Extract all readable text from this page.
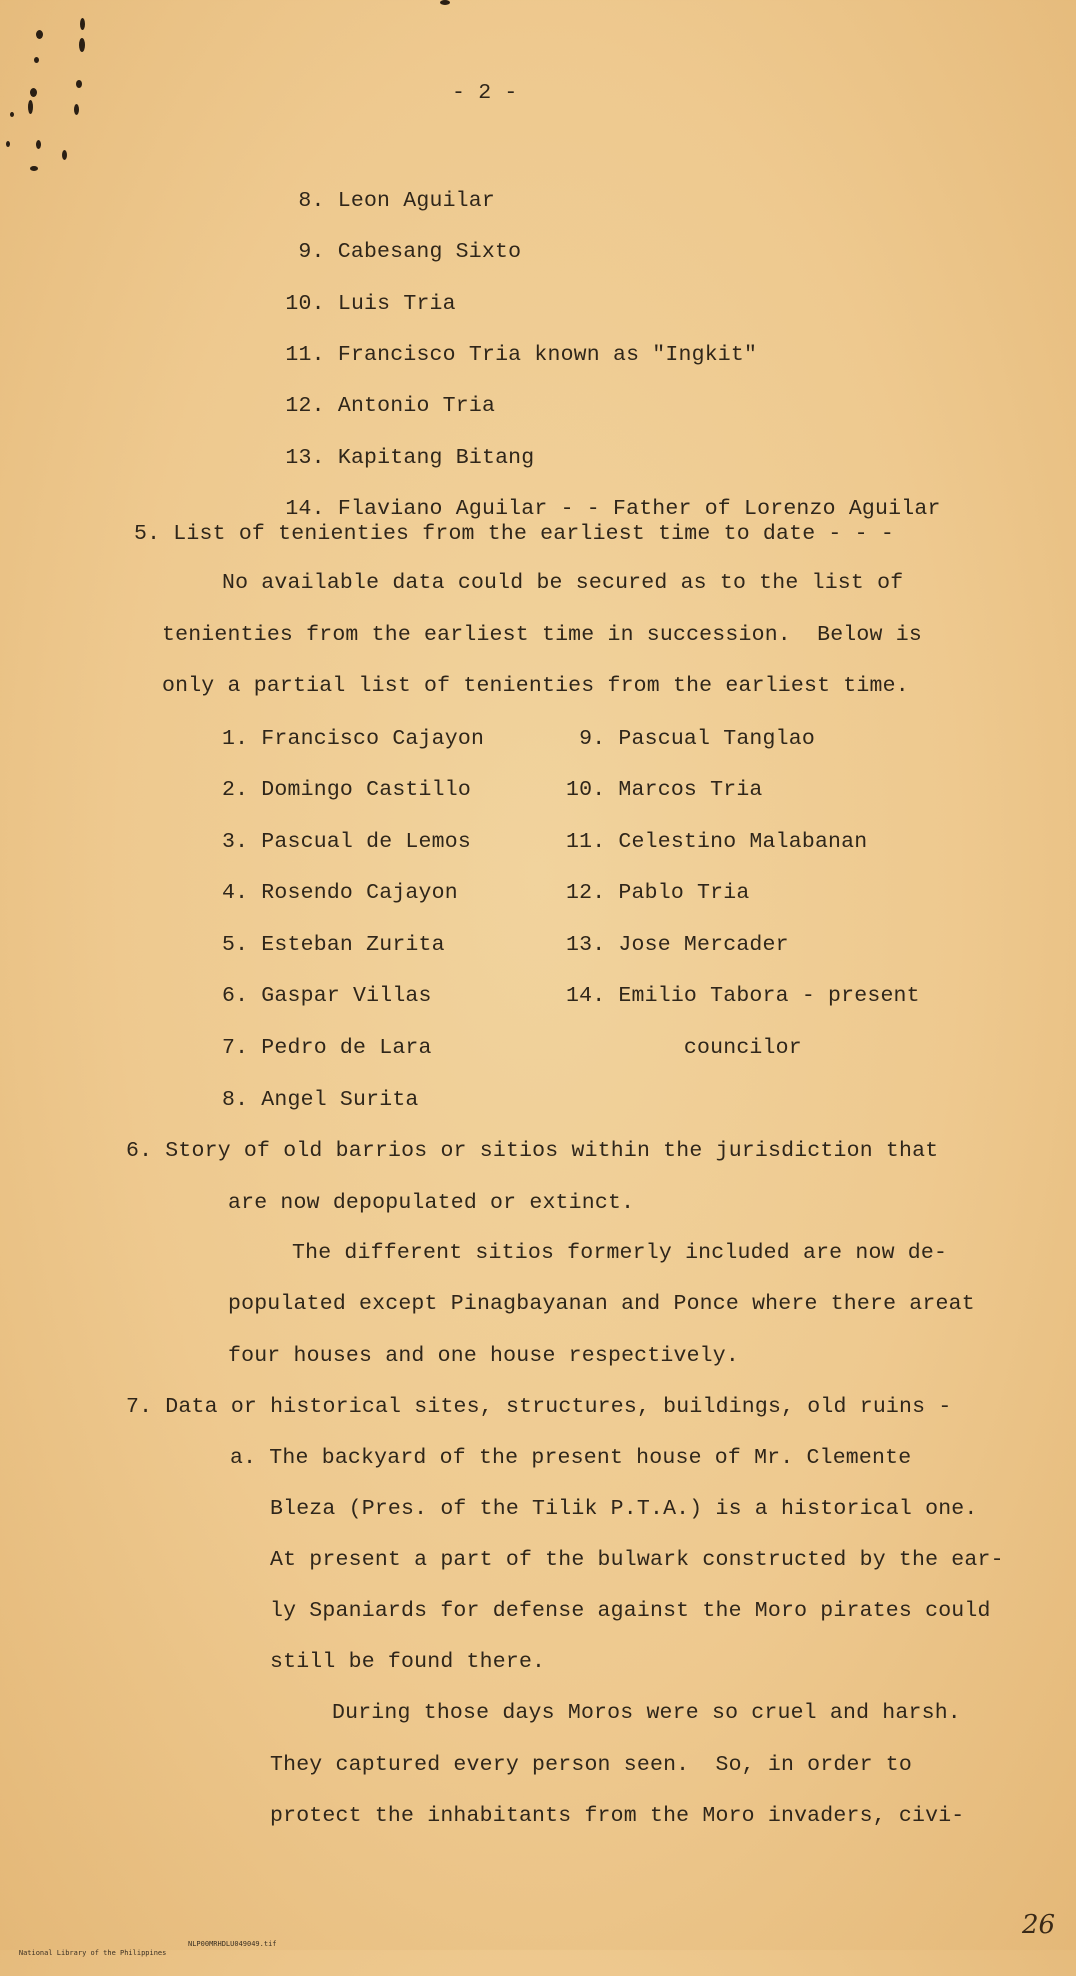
- 2 -

8. Leon Aguilar

9. Cabesang Sixto

10. Luis Tria

11. Francisco Tria known as "Ingkit"

12. Antonio Tria

13. Kapitang Bitang

14. Flaviano Aguilar - - Father of Lorenzo Aguilar

5. List of tenienties from the earliest time to date - - -
No available data could be secured as to the list of
tenienties from the earliest time in succession.  Below is
only a partial list of tenienties from the earliest time.
1. Francisco Cajayon
2. Domingo Castillo
3. Pascual de Lemos
4. Rosendo Cajayon
5. Esteban Zurita
6. Gaspar Villas
7. Pedro de Lara
8. Angel Surita
9. Pascual Tanglao
10. Marcos Tria
11. Celestino Malabanan
12. Pablo Tria
13. Jose Mercader
14. Emilio Tabora - present
councilor
6. Story of old barrios or sitios within the jurisdiction that
are now depopulated or extinct.
The different sitios formerly included are now de-
populated except Pinagbayanan and Ponce where there areat
four houses and one house respectively.
7. Data or historical sites, structures, buildings, old ruins -
a. The backyard of the present house of Mr. Clemente
Bleza (Pres. of the Tilik P.T.A.) is a historical one.
At present a part of the bulwark constructed by the ear-
ly Spaniards for defense against the Moro pirates could
still be found there.
During those days Moros were so cruel and harsh.
They captured every person seen.  So, in order to
protect the inhabitants from the Moro invaders, civi-
26

National Library of the Philippines

NLP00MRHDLU049049.tif
